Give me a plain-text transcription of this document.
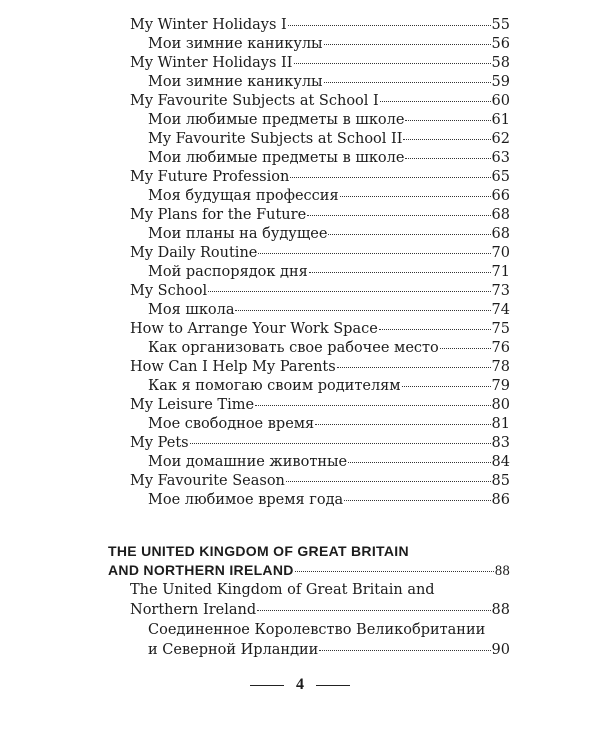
My Winter Holidays I	55
Мои зимние каникулы	56
My Winter Holidays II	58
Мои зимние каникулы	59
My Favourite Subjects at School I	60
Мои любимые предметы в школе	61
My Favourite Subjects at School II	62
Мои любимые предметы в школе	63
My Future Profession	65
Моя будущая профессия	66
My Plans for the Future	68
Мои планы на будущее	68
My Daily Routine	70
Мой распорядок дня	71
My School	73
Моя школа	74
How to Arrange Your Work Space	75
Как организовать свое рабочее место	76
How Can I Help My Parents	78
Как я помогаю своим родителям	79
My Leisure Time	80
Мое свободное время	81
My Pets	83
Мои домашние животные	84
My Favourite Season	85
Мое любимое время года	86
THE UNITED KINGDOM OF GREAT BRITAIN
AND NORTHERN IRELAND	88
The United Kingdom of Great Britain and
Northern Ireland	88
Соединенное Королевство Великобритании
и Северной Ирландии	90
4
